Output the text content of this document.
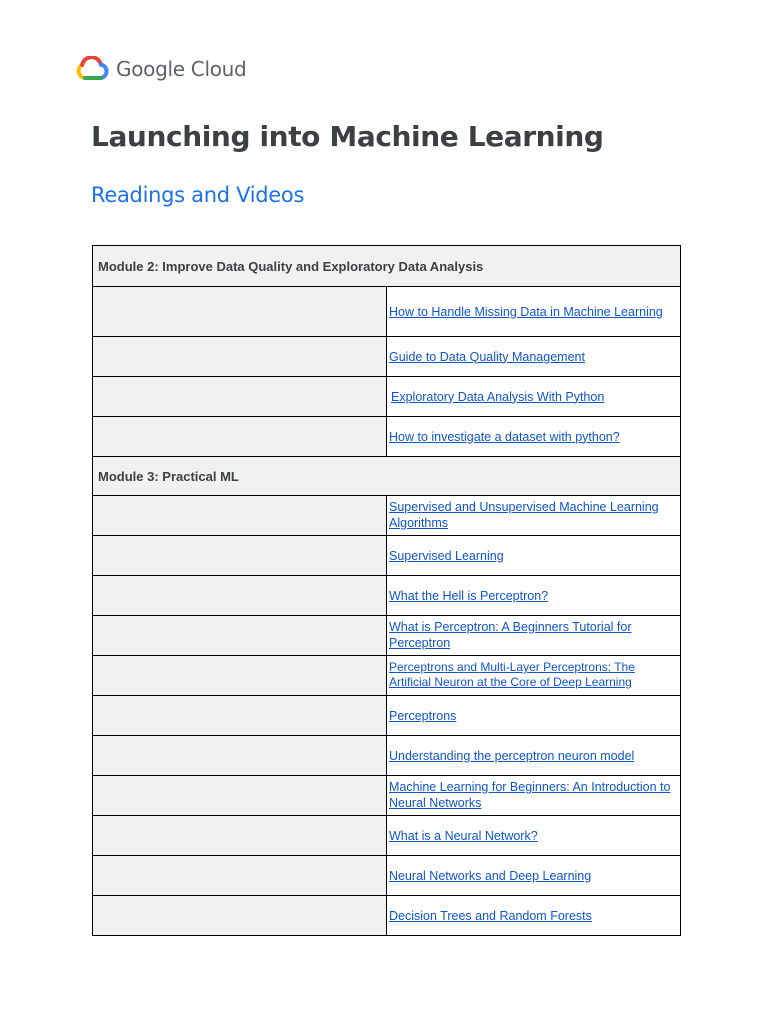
Google Cloud
Launching into Machine Learning
Readings and Videos
Module 2: Improve Data Quality and Exploratory Data Analysis	
	How to Handle Missing Data in Machine Learning
	Guide to Data Quality Management
	Exploratory Data Analysis With Python
	How to investigate a dataset with python?
Module 3: Practical ML	
	Supervised and Unsupervised Machine Learning Algorithms
	Supervised Learning
	What the Hell is Perceptron?
	What is Perceptron: A Beginners Tutorial for Perceptron
	Perceptrons and Multi-Layer Perceptrons: The Artificial Neuron at the Core of Deep Learning
	Perceptrons
	Understanding the perceptron neuron model
	Machine Learning for Beginners: An Introduction to Neural Networks
	What is a Neural Network?
	Neural Networks and Deep Learning
	Decision Trees and Random Forests
